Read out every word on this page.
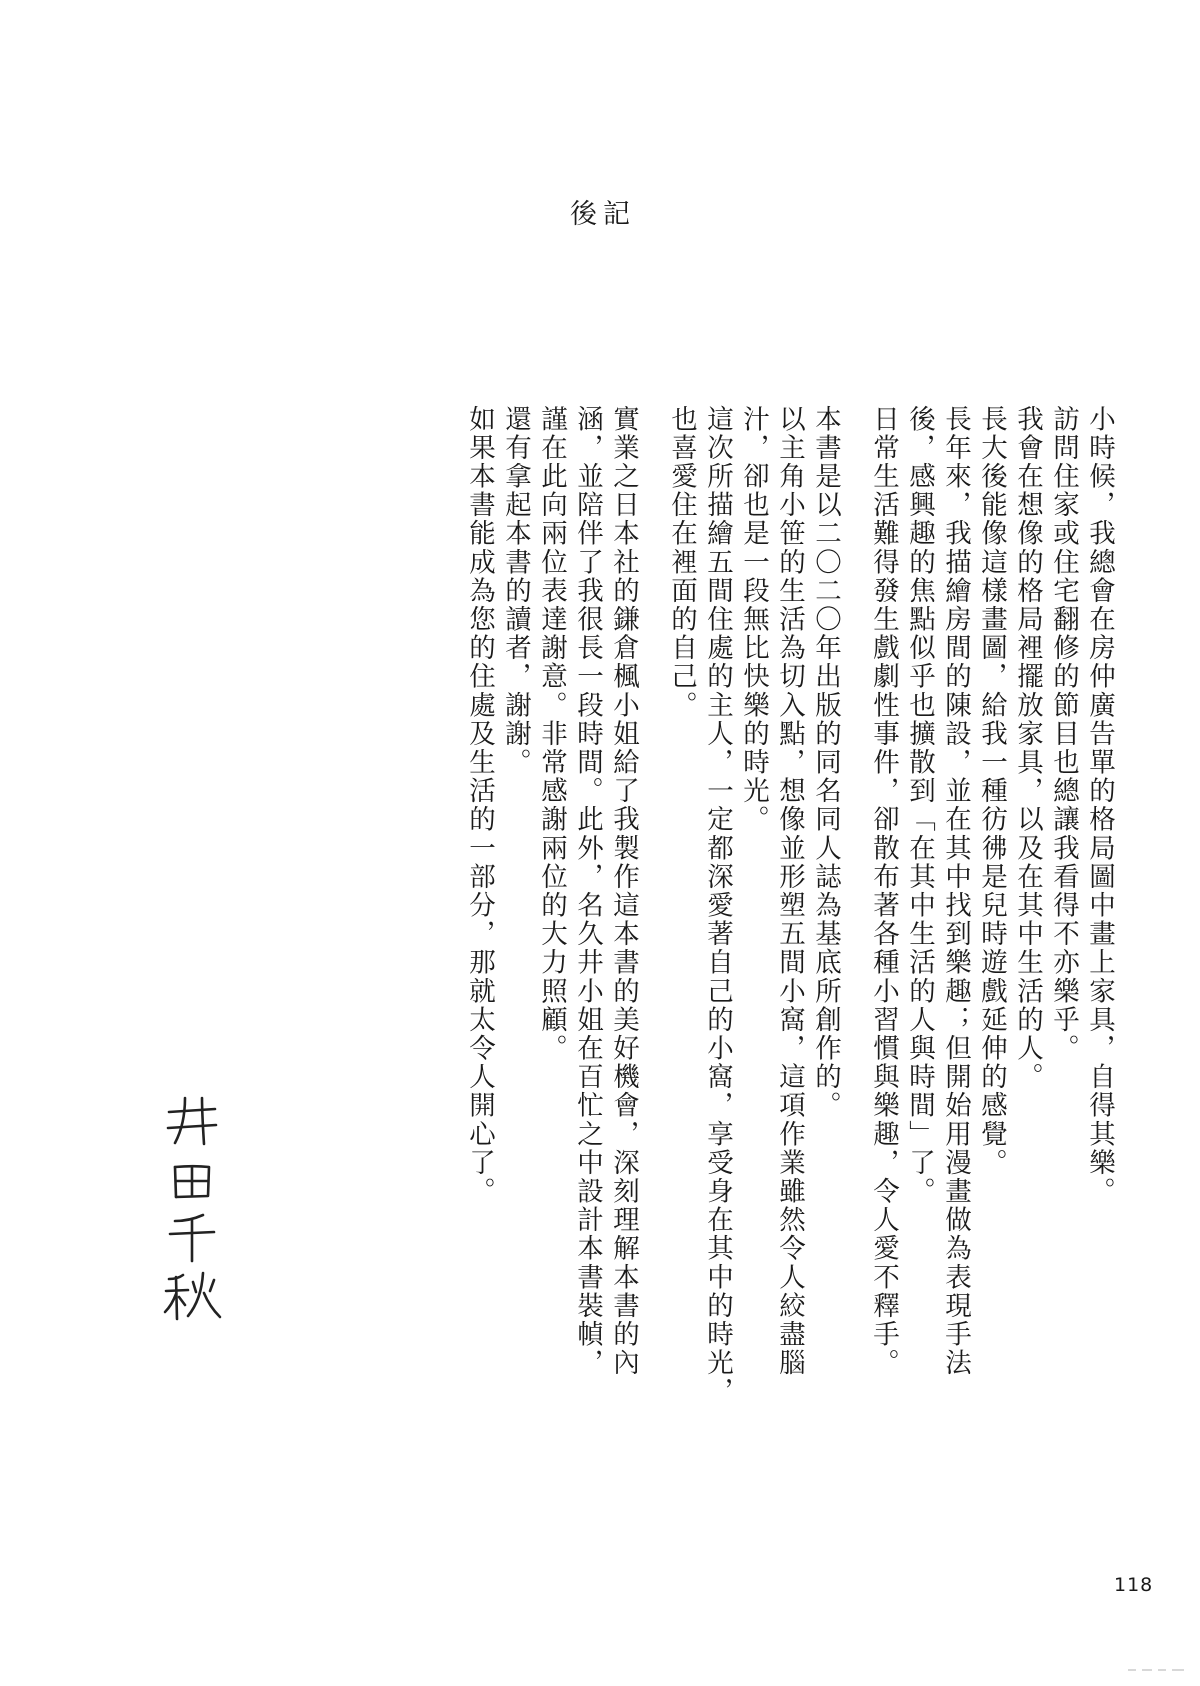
後記
小時候，我總會在房仲廣告單的格局圖中畫上家具，自得其樂。
訪問住家或住宅翻修的節目也總讓我看得不亦樂乎。
我會在想像的格局裡擺放家具，以及在其中生活的人。
長大後能像這樣畫圖，給我一種彷彿是兒時遊戲延伸的感覺。
長年來，我描繪房間的陳設，並在其中找到樂趣；但開始用漫畫做為表現手法
後，感興趣的焦點似乎也擴散到「在其中生活的人與時間」了。
日常生活難得發生戲劇性事件，卻散布著各種小習慣與樂趣，令人愛不釋手。
本書是以二〇二〇年出版的同名同人誌為基底所創作的。
以主角小笹的生活為切入點，想像並形塑五間小窩，這項作業雖然令人絞盡腦
汁，卻也是一段無比快樂的時光。
這次所描繪五間住處的主人，一定都深愛著自己的小窩，享受身在其中的時光，
也喜愛住在裡面的自己。
實業之日本社的鎌倉楓小姐給了我製作這本書的美好機會，深刻理解本書的內
涵，並陪伴了我很長一段時間。此外，名久井小姐在百忙之中設計本書裝幀，
謹在此向兩位表達謝意。非常感謝兩位的大力照顧。
還有拿起本書的讀者，謝謝。
如果本書能成為您的住處及生活的一部分，那就太令人開心了。
118
